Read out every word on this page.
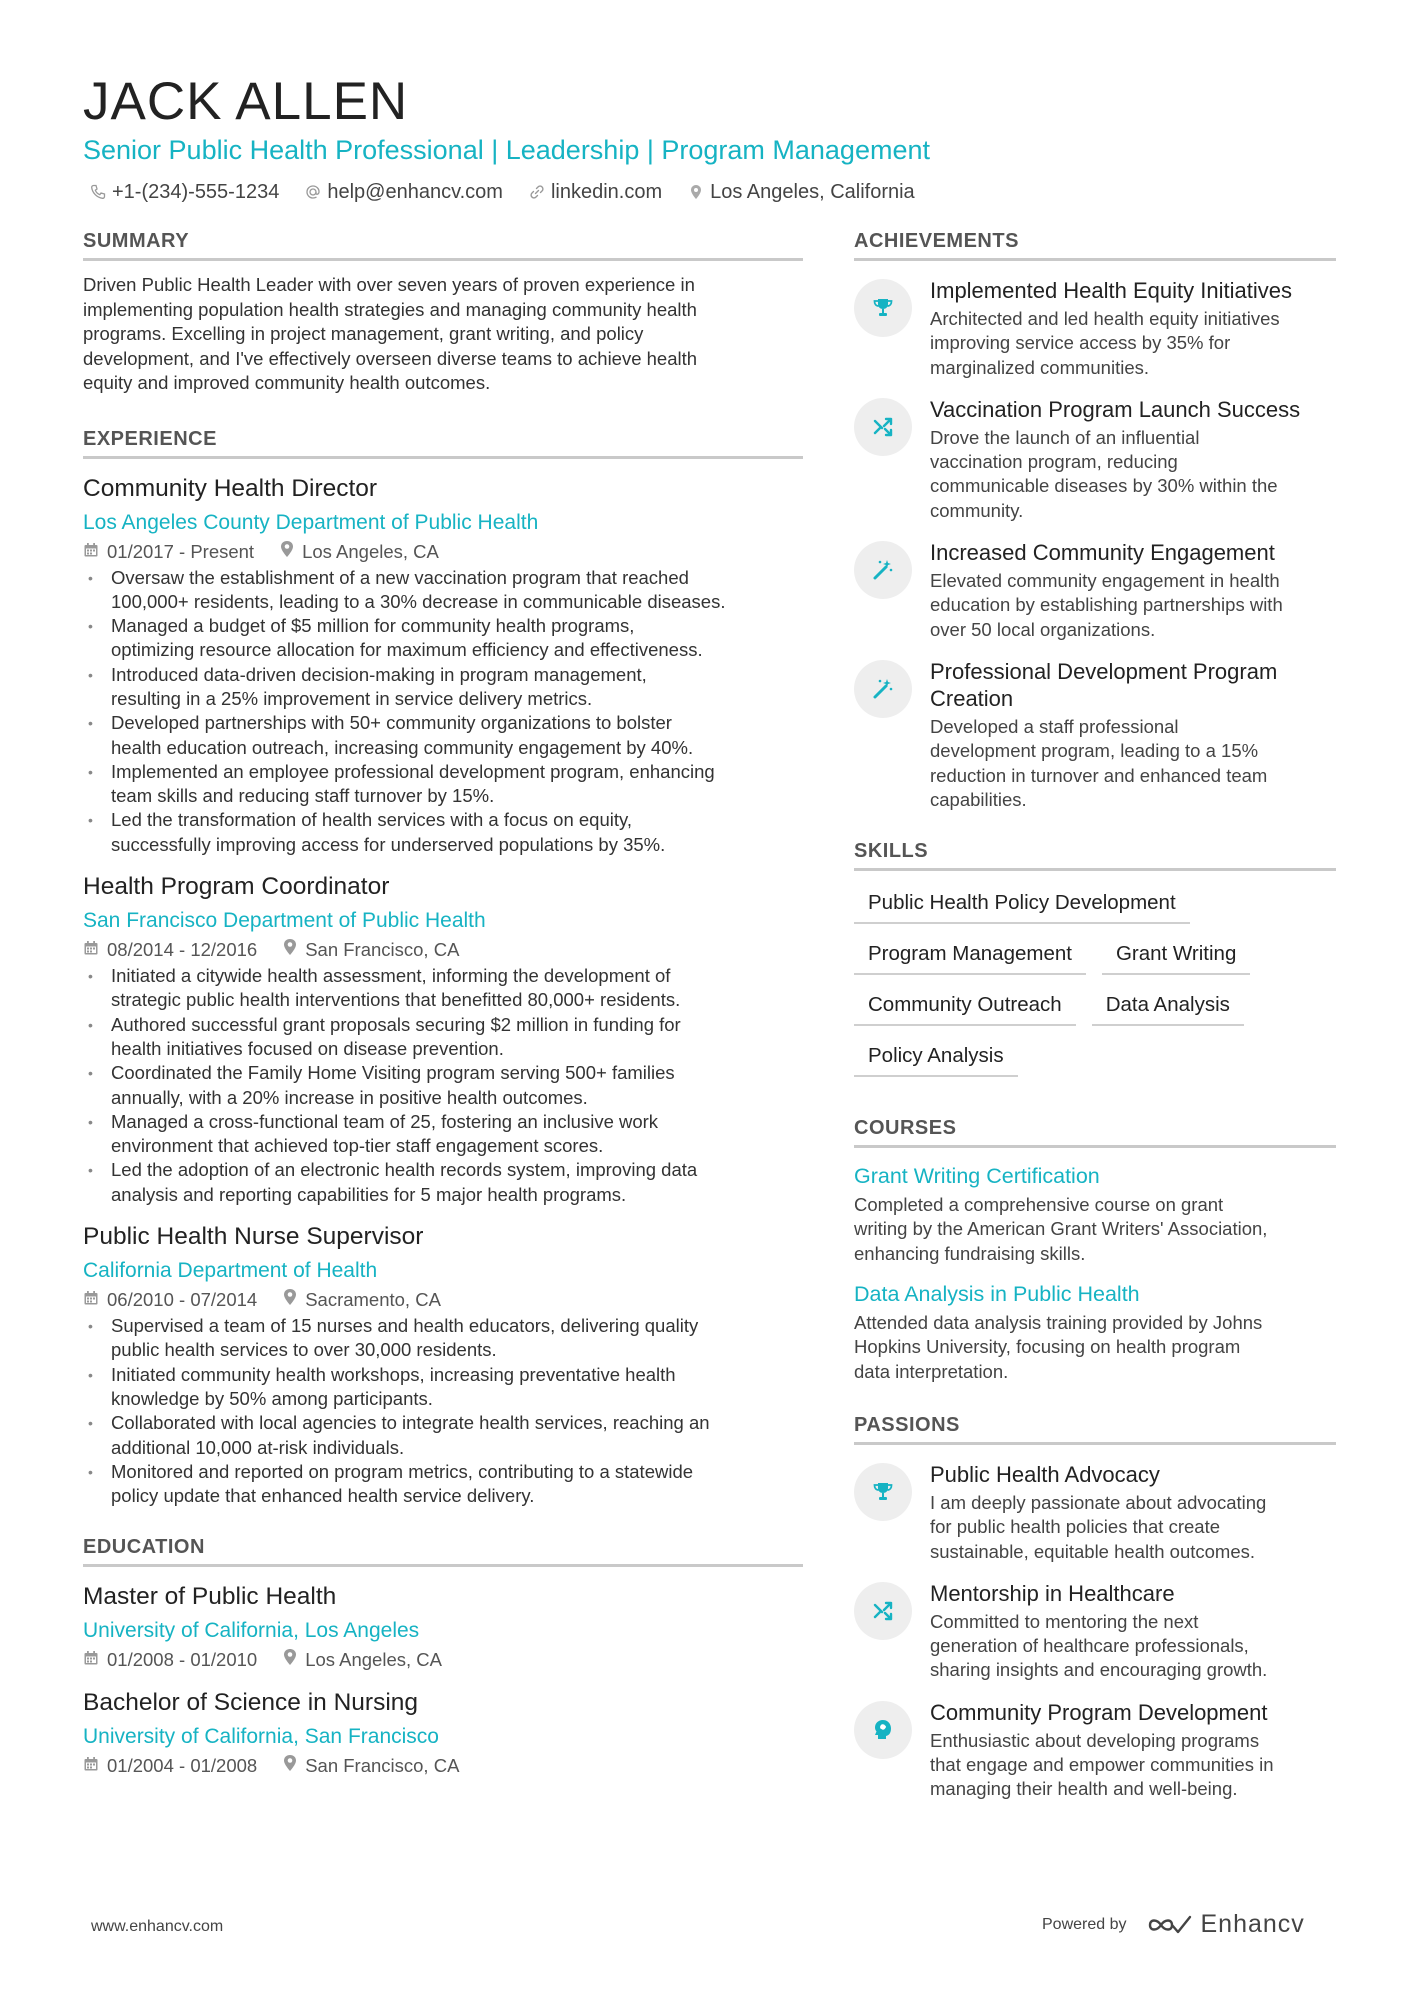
JACK ALLEN
Senior Public Health Professional | Leadership | Program Management
+1-(234)-555-1234 help@enhancv.com linkedin.com Los Angeles, California
SUMMARY
Driven Public Health Leader with over seven years of proven experience in
implementing population health strategies and managing community health
programs. Excelling in project management, grant writing, and policy
development, and I've effectively overseen diverse teams to achieve health
equity and improved community health outcomes.
EXPERIENCE
Community Health Director
Los Angeles County Department of Public Health
01/2017 - Present	Los Angeles, CA
• Oversaw the establishment of a new vaccination program that reached
100,000+ residents, leading to a 30% decrease in communicable diseases.
• Managed a budget of $5 million for community health programs,
optimizing resource allocation for maximum efficiency and effectiveness.
• Introduced data-driven decision-making in program management,
resulting in a 25% improvement in service delivery metrics.
• Developed partnerships with 50+ community organizations to bolster
health education outreach, increasing community engagement by 40%.
• Implemented an employee professional development program, enhancing
team skills and reducing staff turnover by 15%.
• Led the transformation of health services with a focus on equity,
successfully improving access for underserved populations by 35%.
Health Program Coordinator
San Francisco Department of Public Health
08/2014 - 12/2016	San Francisco, CA
• Initiated a citywide health assessment, informing the development of
strategic public health interventions that benefitted 80,000+ residents.
• Authored successful grant proposals securing $2 million in funding for
health initiatives focused on disease prevention.
• Coordinated the Family Home Visiting program serving 500+ families
annually, with a 20% increase in positive health outcomes.
• Managed a cross-functional team of 25, fostering an inclusive work
environment that achieved top-tier staff engagement scores.
• Led the adoption of an electronic health records system, improving data
analysis and reporting capabilities for 5 major health programs.
Public Health Nurse Supervisor
California Department of Health
06/2010 - 07/2014	Sacramento, CA
• Supervised a team of 15 nurses and health educators, delivering quality
public health services to over 30,000 residents.
• Initiated community health workshops, increasing preventative health
knowledge by 50% among participants.
• Collaborated with local agencies to integrate health services, reaching an
additional 10,000 at-risk individuals.
• Monitored and reported on program metrics, contributing to a statewide
policy update that enhanced health service delivery.
EDUCATION
Master of Public Health
University of California, Los Angeles
01/2008 - 01/2010	Los Angeles, CA
Bachelor of Science in Nursing
University of California, San Francisco
01/2004 - 01/2008	San Francisco, CA
ACHIEVEMENTS
Implemented Health Equity Initiatives
Architected and led health equity initiatives
improving service access by 35% for
marginalized communities.
Vaccination Program Launch Success
Drove the launch of an influential
vaccination program, reducing
communicable diseases by 30% within the
community.
Increased Community Engagement
Elevated community engagement in health
education by establishing partnerships with
over 50 local organizations.
Professional Development Program
Creation
Developed a staff professional
development program, leading to a 15%
reduction in turnover and enhanced team
capabilities.
SKILLS
Public Health Policy Development
Program Management	Grant Writing
Community Outreach	Data Analysis
Policy Analysis
COURSES
Grant Writing Certification
Completed a comprehensive course on grant
writing by the American Grant Writers' Association,
enhancing fundraising skills.
Data Analysis in Public Health
Attended data analysis training provided by Johns
Hopkins University, focusing on health program
data interpretation.
PASSIONS
Public Health Advocacy
I am deeply passionate about advocating
for public health policies that create
sustainable, equitable health outcomes.
Mentorship in Healthcare
Committed to mentoring the next
generation of healthcare professionals,
sharing insights and encouraging growth.
Community Program Development
Enthusiastic about developing programs
that engage and empower communities in
managing their health and well-being.
www.enhancv.com	Powered by	Enhancv
